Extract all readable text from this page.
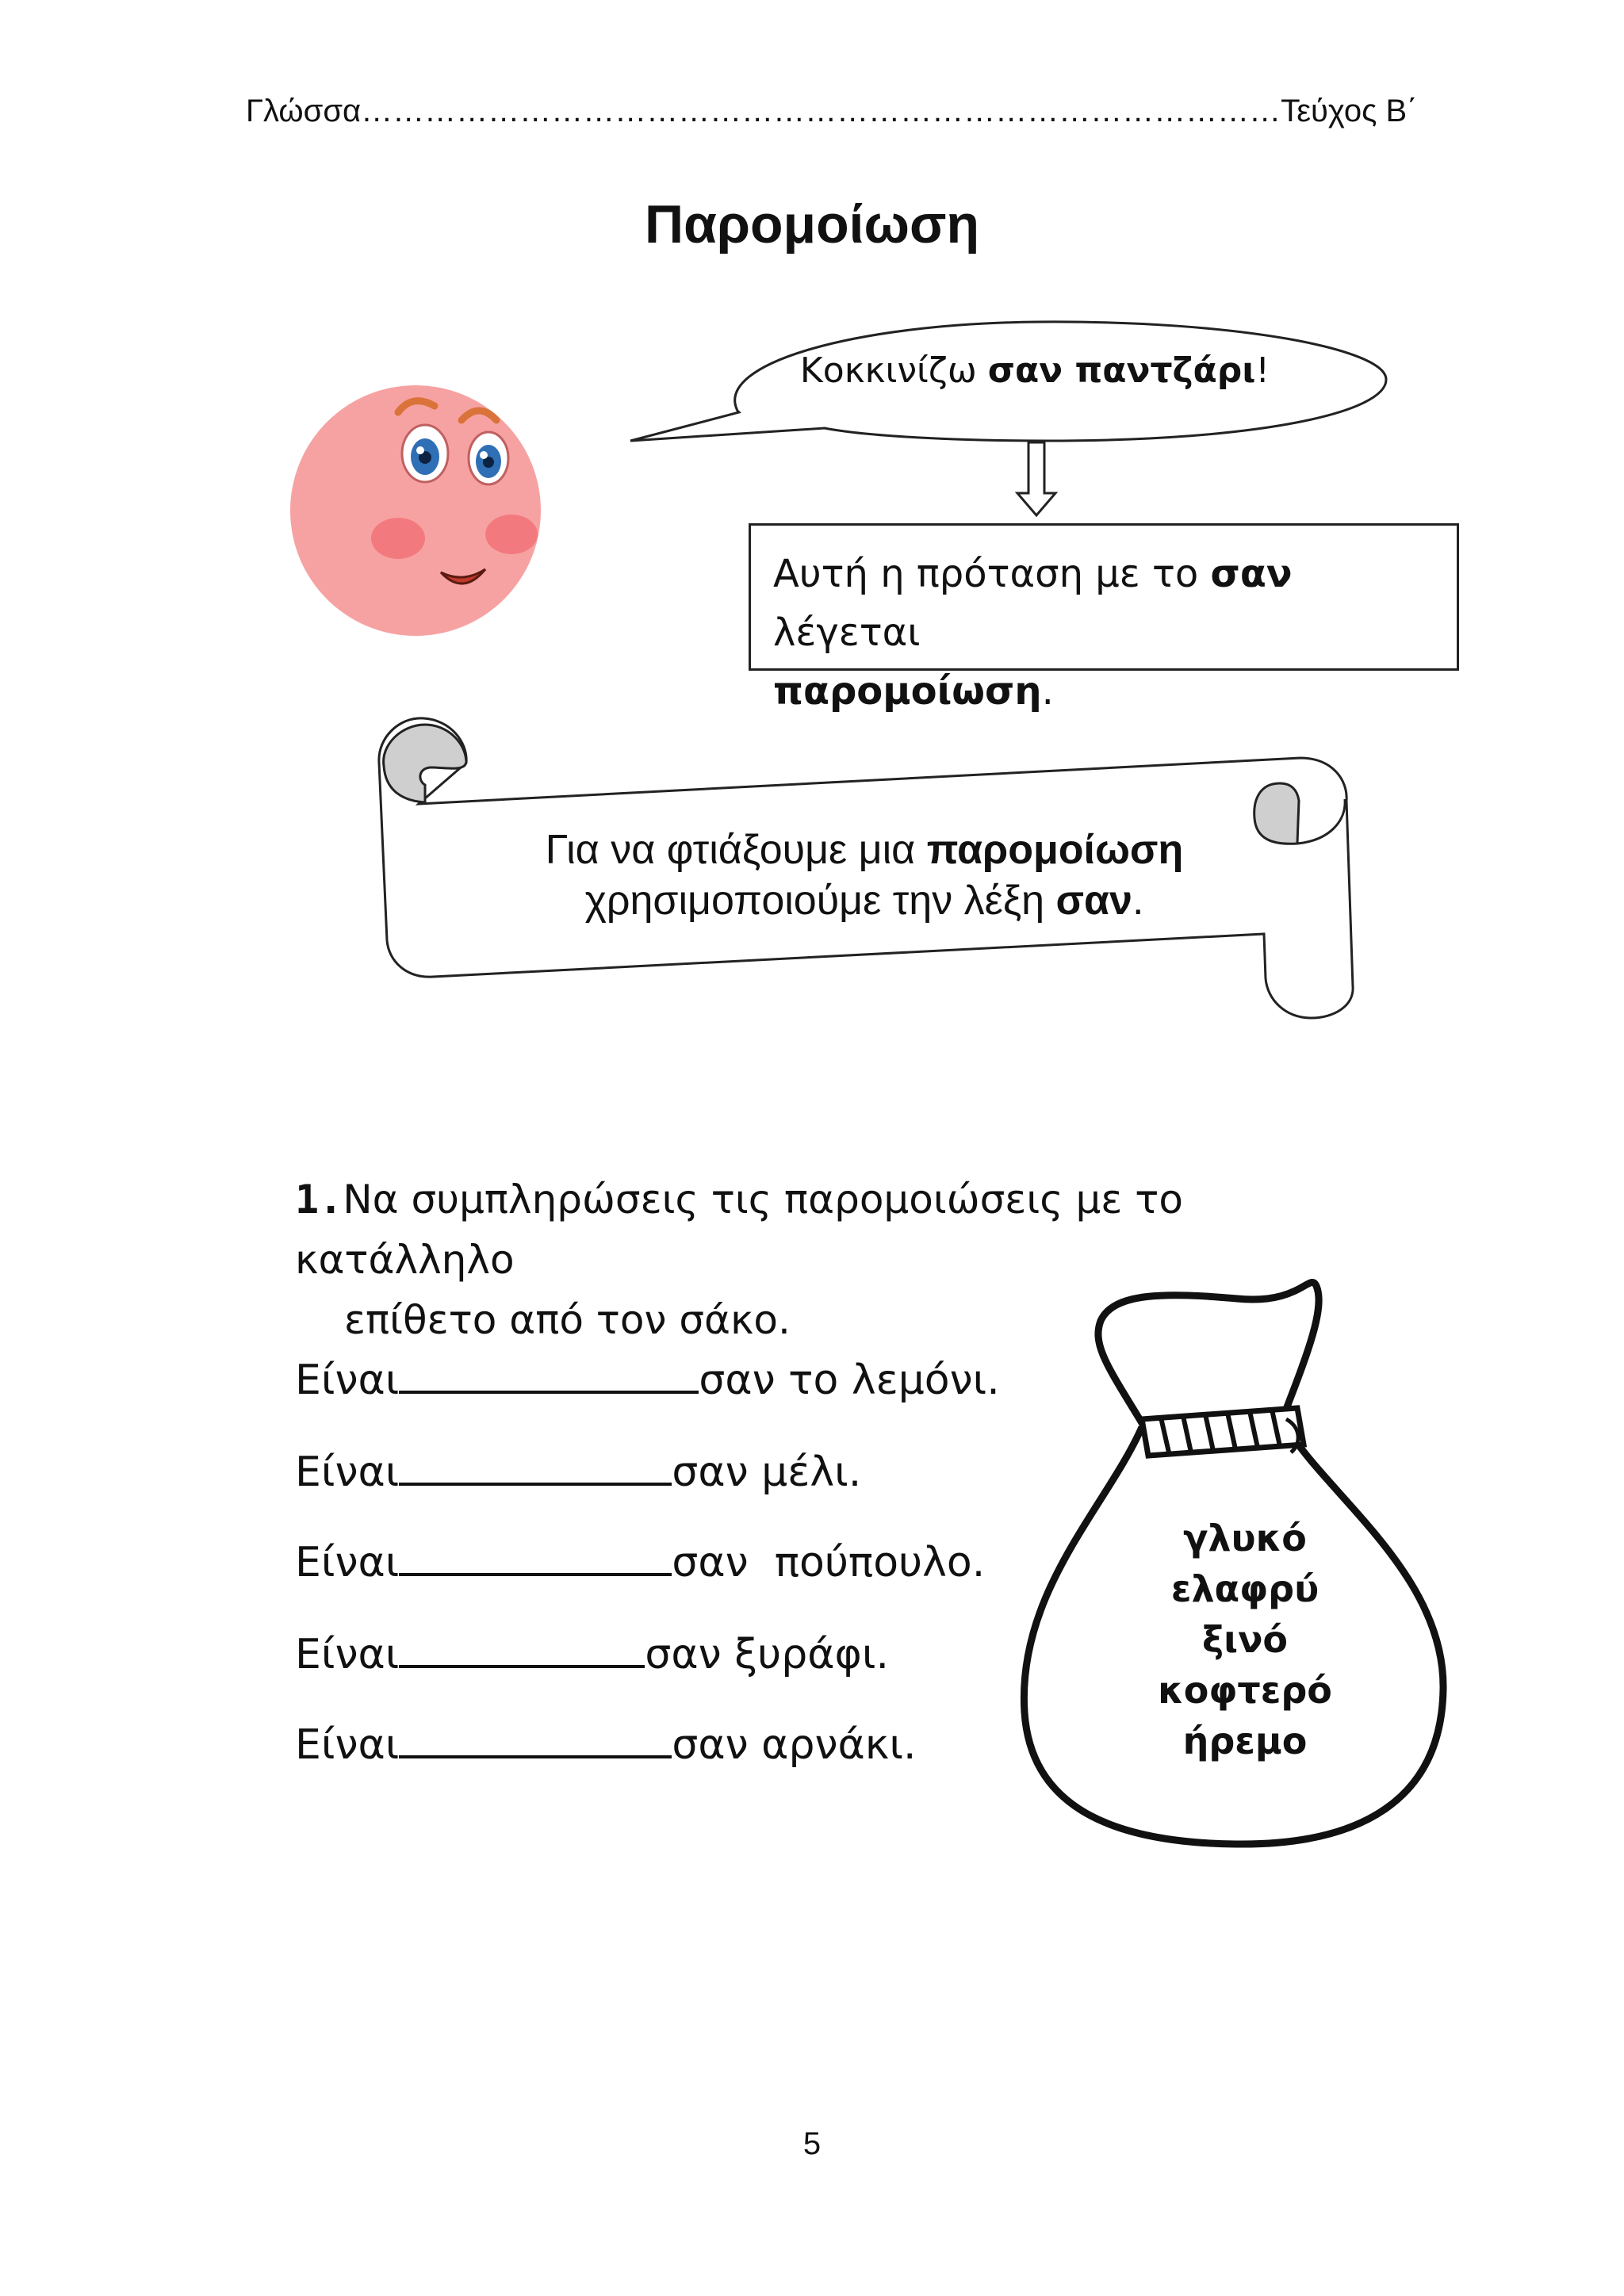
Γλώσσα……………………………………………………………………………Τεύχος Β΄
Παρομοίωση
Κοκκινίζω σαν παντζάρι!
Αυτή η πρόταση με το σαν λέγεται
παρομοίωση.
Για να φτιάξουμε μια παρομοίωση
χρησιμοποιούμε την λέξη σαν.
1.Να συμπληρώσεις τις παρομοιώσεις με το κατάλληλο
επίθετο από τον σάκο.
Είναι	σαν το λεμόνι.
Είναι	σαν μέλι.
Είναι	σαν  πούπουλο.
Είναι	σαν ξυράφι.
Είναι	σαν αρνάκι.
γλυκό
ελαφρύ
ξινό
κοφτερό
ήρεμο
5
